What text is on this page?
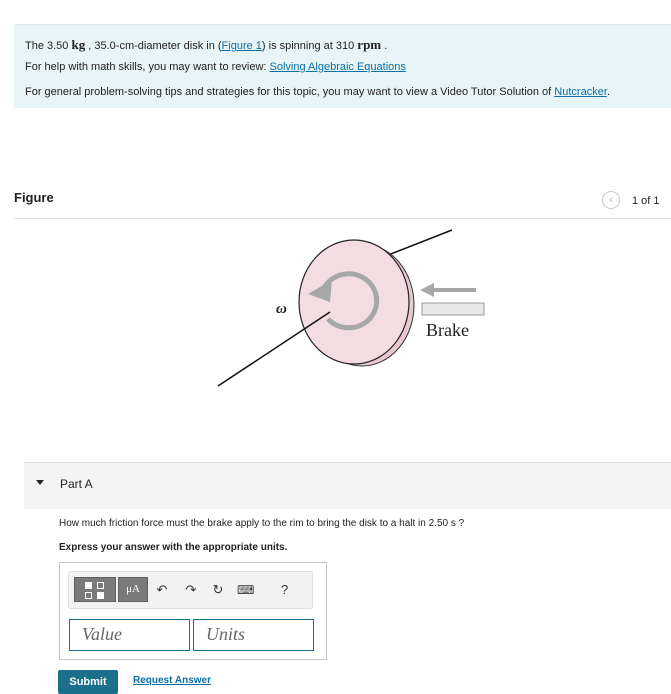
The 3.50 kg , 35.0-cm-diameter disk in (Figure 1) is spinning at 310 rpm .

For help with math skills, you may want to review: Solving Algebraic Equations

For general problem-solving tips and strategies for this topic, you may want to view a Video Tutor Solution of Nutcracker.

Figure	‹	1 of 1
ω
Brake
Part A
How much friction force must the brake apply to the rim to bring the disk to a halt in 2.50 s ?
Express your answer with the appropriate units.
μA	↶ ↷ ↻ ⌨ ?
Value	Units
Submit	Request Answer
